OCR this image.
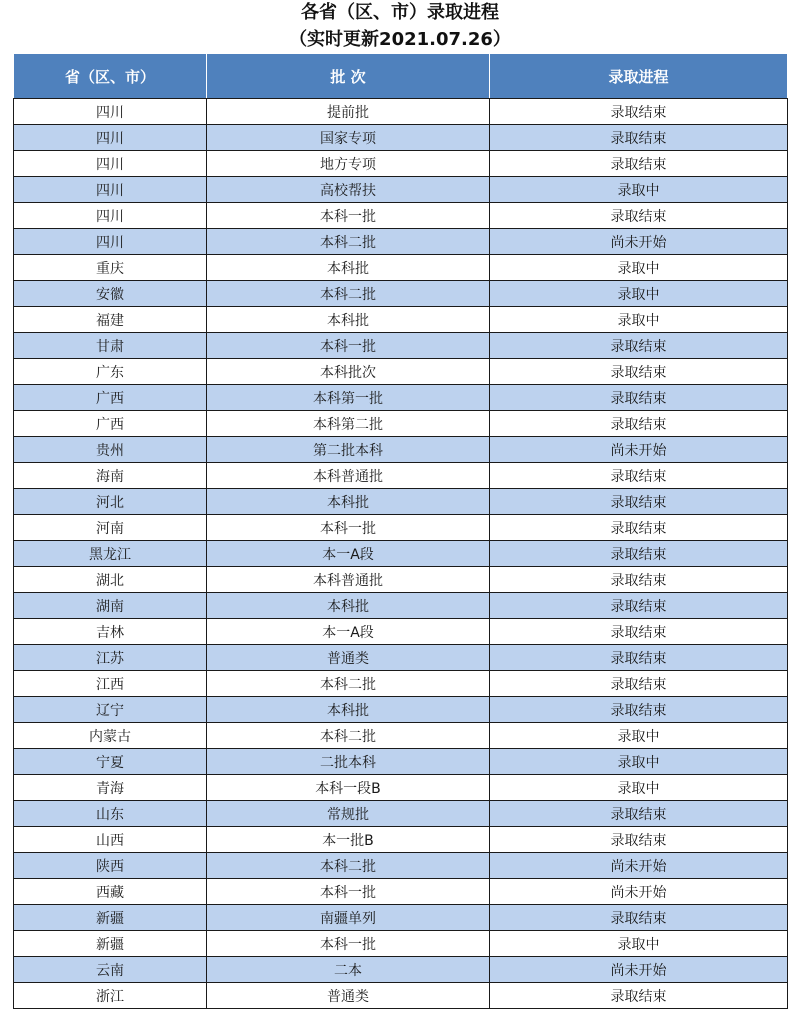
各省（区、市）录取进程
（实时更新2021.07.26）
省（区、市）	批 次	录取进程
四川	提前批	录取结束
四川	国家专项	录取结束
四川	地方专项	录取结束
四川	高校帮扶	录取中
四川	本科一批	录取结束
四川	本科二批	尚未开始
重庆	本科批	录取中
安徽	本科二批	录取中
福建	本科批	录取中
甘肃	本科一批	录取结束
广东	本科批次	录取结束
广西	本科第一批	录取结束
广西	本科第二批	录取结束
贵州	第二批本科	尚未开始
海南	本科普通批	录取结束
河北	本科批	录取结束
河南	本科一批	录取结束
黑龙江	本一A段	录取结束
湖北	本科普通批	录取结束
湖南	本科批	录取结束
吉林	本一A段	录取结束
江苏	普通类	录取结束
江西	本科二批	录取结束
辽宁	本科批	录取结束
内蒙古	本科二批	录取中
宁夏	二批本科	录取中
青海	本科一段B	录取中
山东	常规批	录取结束
山西	本一批B	录取结束
陕西	本科二批	尚未开始
西藏	本科一批	尚未开始
新疆	南疆单列	录取结束
新疆	本科一批	录取中
云南	二本	尚未开始
浙江	普通类	录取结束
